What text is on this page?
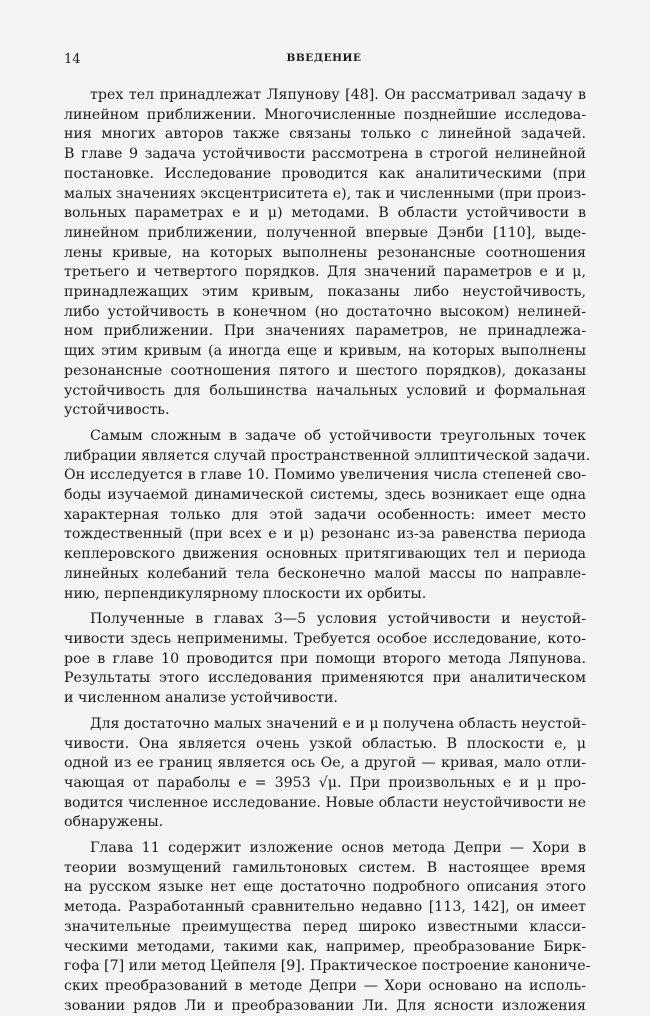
14	ВВЕДЕНИЕ
трех тел принадлежат Ляпунову [48]. Он рассматривал задачу в
линейном приближении. Многочисленные позднейшие исследова-
ния многих авторов также связаны только с линейной задачей.
В главе 9 задача устойчивости рассмотрена в строгой нелинейной
постановке. Исследование проводится как аналитическими (при
малых значениях эксцентриситета e), так и численными (при произ-
вольных параметрах e и μ) методами. В области устойчивости в
линейном приближении, полученной впервые Дэнби [110], выде-
лены кривые, на которых выполнены резонансные соотношения
третьего и четвертого порядков. Для значений параметров e и μ,
принадлежащих этим кривым, показаны либо неустойчивость,
либо устойчивость в конечном (но достаточно высоком) нелиней-
ном приближении. При значениях параметров, не принадлежа-
щих этим кривым (а иногда еще и кривым, на которых выполнены
резонансные соотношения пятого и шестого порядков), доказаны
устойчивость для большинства начальных условий и формальная
устойчивость.
Самым сложным в задаче об устойчивости треугольных точек
либрации является случай пространственной эллиптической задачи.
Он исследуется в главе 10. Помимо увеличения числа степеней сво-
боды изучаемой динамической системы, здесь возникает еще одна
характерная только для этой задачи особенность: имеет место
тождественный (при всех e и μ) резонанс из-за равенства периода
кеплеровского движения основных притягивающих тел и периода
линейных колебаний тела бесконечно малой массы по направле-
нию, перпендикулярному плоскости их орбиты.
Полученные в главах 3—5 условия устойчивости и неустой-
чивости здесь неприменимы. Требуется особое исследование, кото-
рое в главе 10 проводится при помощи второго метода Ляпунова.
Результаты этого исследования применяются при аналитическом
и численном анализе устойчивости.
Для достаточно малых значений e и μ получена область неустой-
чивости. Она является очень узкой областью. В плоскости e, μ
одной из ее границ является ось Oe, а другой — кривая, мало отли-
чающая от параболы e = 3953 √μ. При произвольных e и μ про-
водится численное исследование. Новые области неустойчивости не
обнаружены.
Глава 11 содержит изложение основ метода Депри — Хори в
теории возмущений гамильтоновых систем. В настоящее время
на русском языке нет еще достаточно подробного описания этого
метода. Разработанный сравнительно недавно [113, 142], он имеет
значительные преимущества перед широко известными класси-
ческими методами, такими как, например, преобразование Бирк-
гофа [7] или метод Цейпеля [9]. Практическое построение канониче-
ских преобразований в методе Депри — Хори основано на исполь-
зовании рядов Ли и преобразовании Ли. Для ясности изложения
